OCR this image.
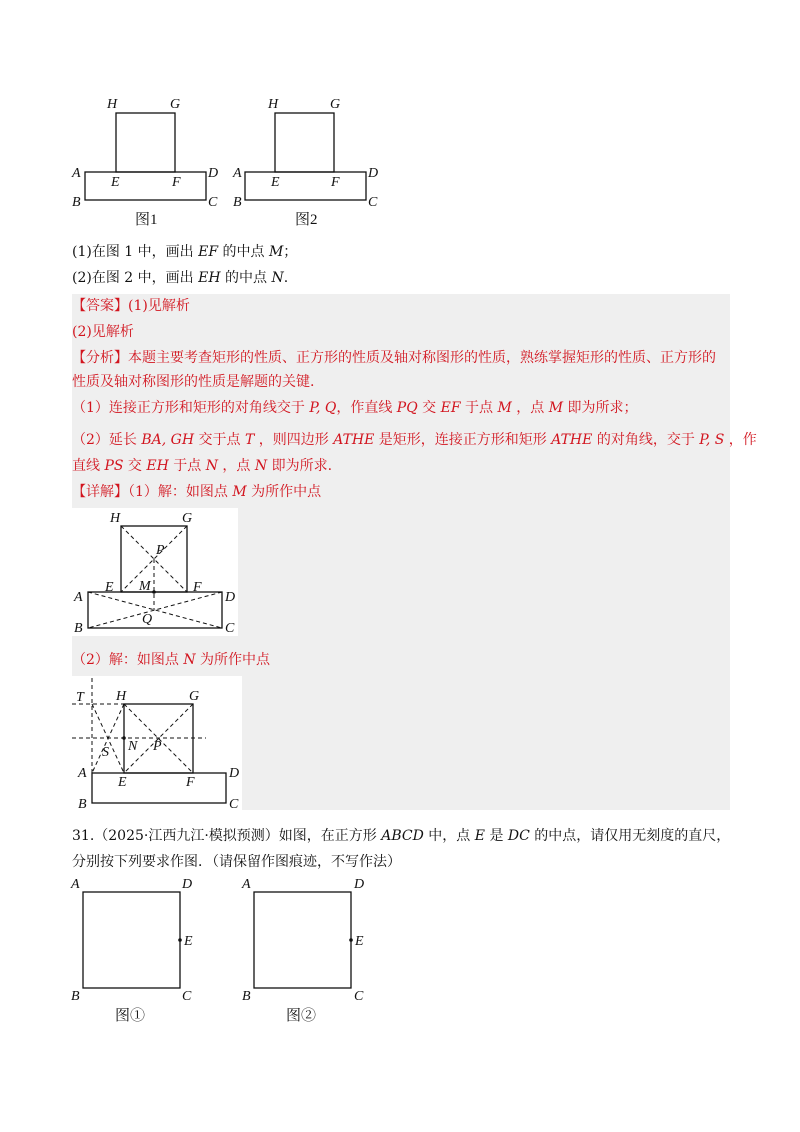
H	G
A	D
E	F
B	C
图1
H	G
A	D
E	F
B	C
图2
(1)在图 1 中，画出 EF 的中点 M；
(2)在图 2 中，画出 EH 的中点 N.
【答案】(1)见解析
(2)见解析
【分析】本题主要考查矩形的性质、正方形的性质及轴对称图形的性质，熟练掌握矩形的性质、正方形的
性质及轴对称图形的性质是解题的关键.
（1）连接正方形和矩形的对角线交于 P, Q，作直线 PQ 交 EF 于点 M ，点 M 即为所求；
（2）延长 BA, GH 交于点 T ，则四边形 ATHE 是矩形，连接正方形和矩形 ATHE 的对角线，交于 P, S ，作
直线 PS 交 EH 于点 N ，点 N 即为所求.
【详解】（1）解：如图点 M 为所作中点
H	G
P
E M	F
A	D
Q
B	C
（2）解：如图点 N 为所作中点
T H	G
S N P
A
E	F
D
B	C
31.（2025·江西九江·模拟预测）如图，在正方形 ABCD 中，点 E 是 DC 的中点，请仅用无刻度的直尺，
分别按下列要求作图．（请保留作图痕迹，不写作法）
A	D
E
B	C
图①
A	D
E
B	C
图②
